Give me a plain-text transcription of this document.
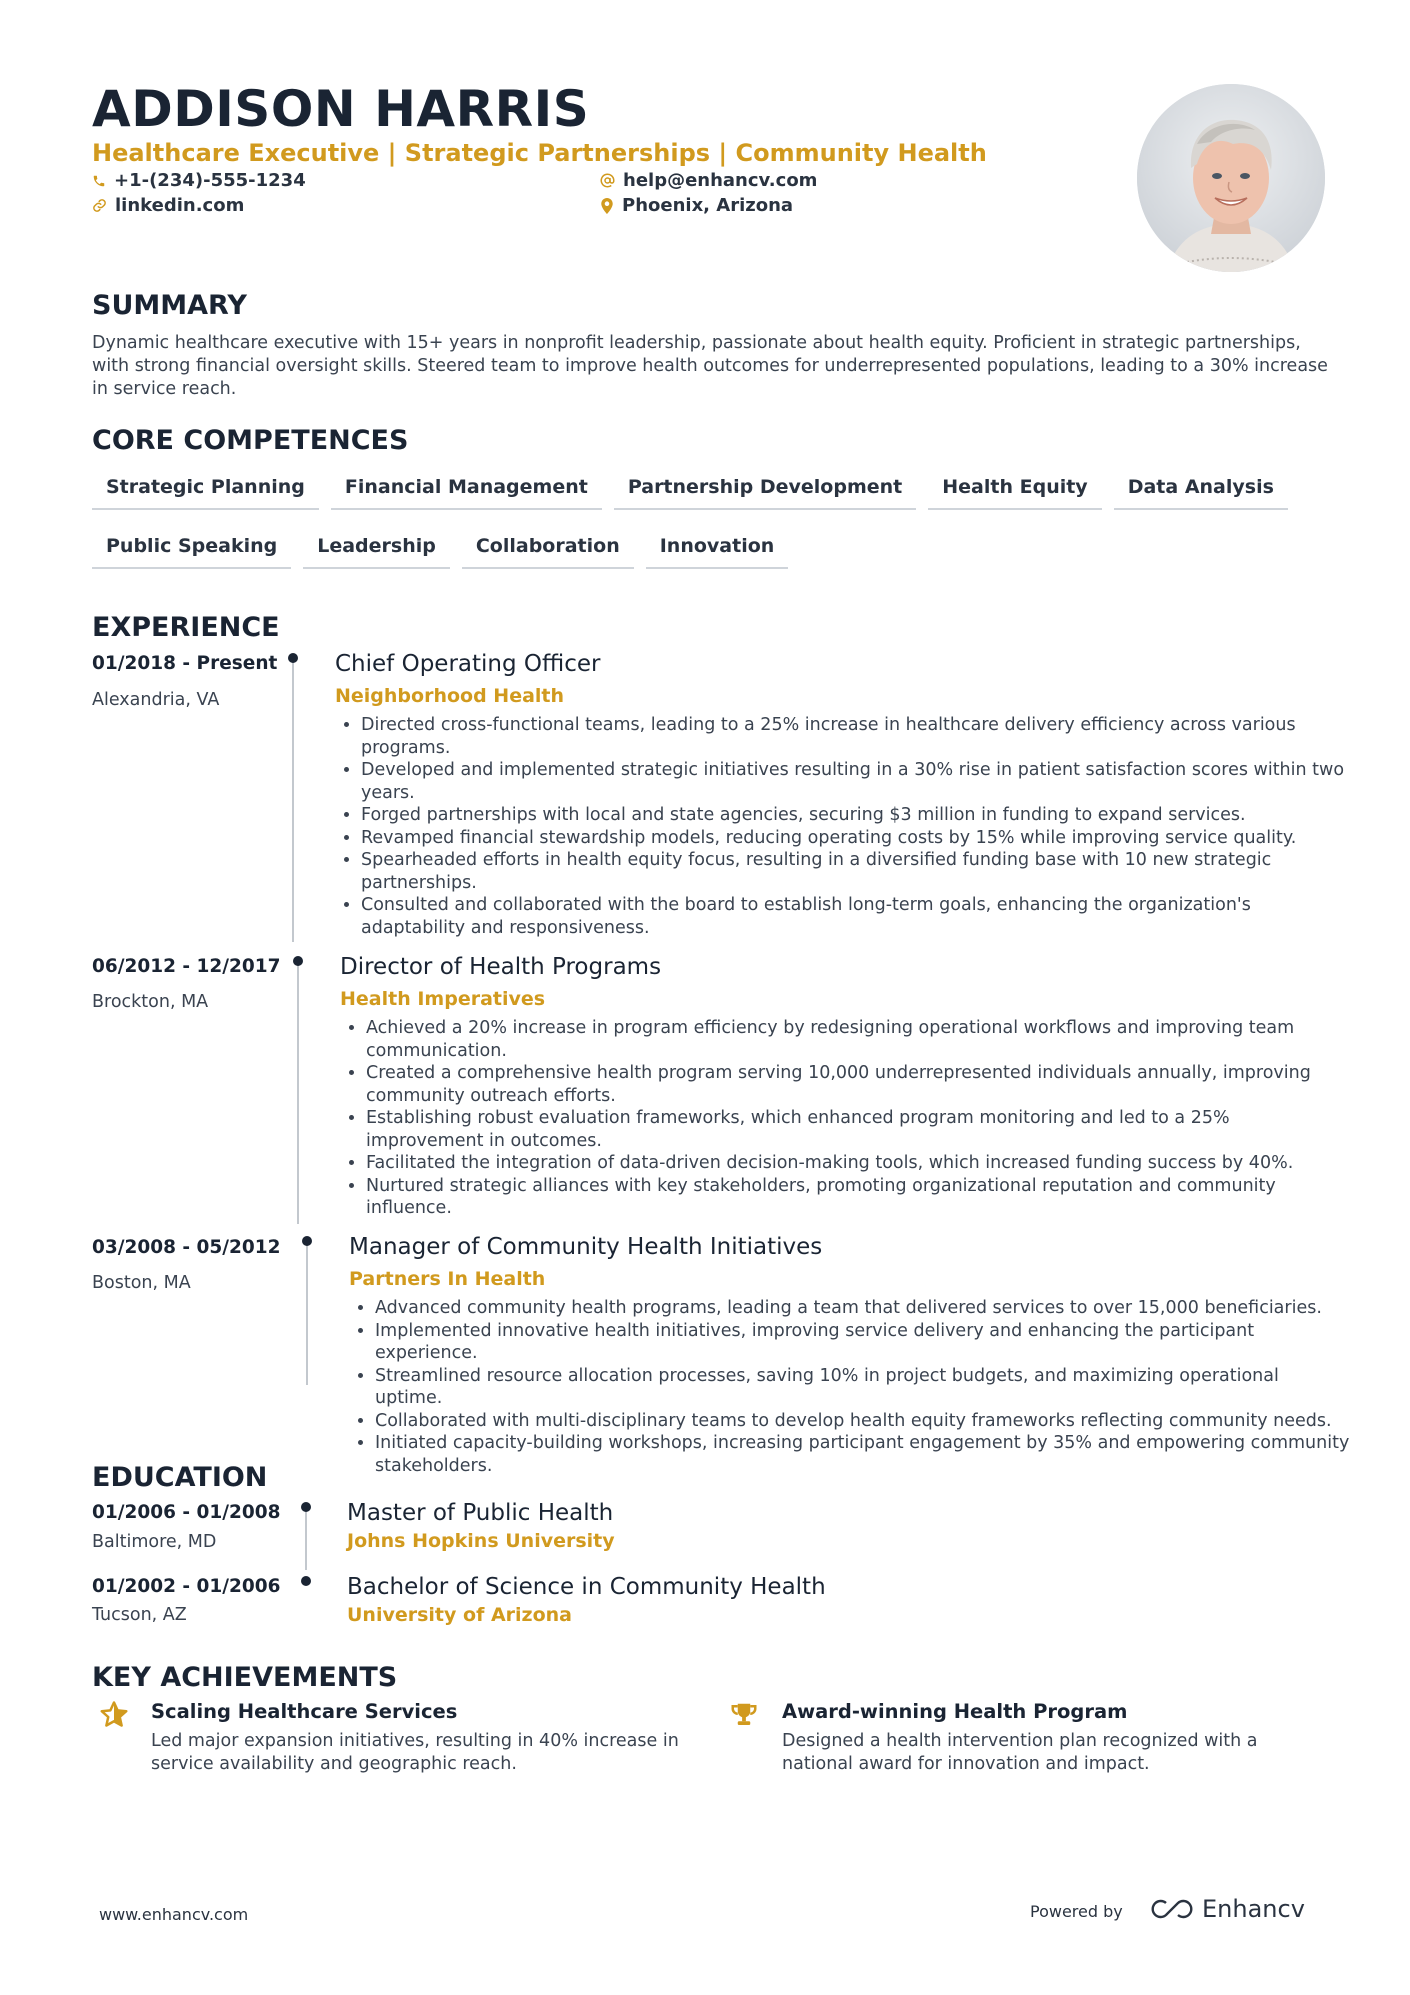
ADDISON HARRIS
Healthcare Executive | Strategic Partnerships | Community Health
+1-(234)-555-1234	help@enhancv.com
linkedin.com	Phoenix, Arizona
SUMMARY
Dynamic healthcare executive with 15+ years in nonprofit leadership, passionate about health equity. Proficient in strategic partnerships, with strong financial oversight skills. Steered team to improve health outcomes for underrepresented populations, leading to a 30% increase in service reach.
CORE COMPETENCES
Strategic Planning	Financial Management	Partnership Development	Health Equity	Data Analysis
Public Speaking	Leadership	Collaboration	Innovation
EXPERIENCE
01/2018 - Present
Alexandria, VA
Chief Operating Officer
Neighborhood Health
• Directed cross-functional teams, leading to a 25% increase in healthcare delivery efficiency across various programs.
• Developed and implemented strategic initiatives resulting in a 30% rise in patient satisfaction scores within two years.
• Forged partnerships with local and state agencies, securing $3 million in funding to expand services.
• Revamped financial stewardship models, reducing operating costs by 15% while improving service quality.
• Spearheaded efforts in health equity focus, resulting in a diversified funding base with 10 new strategic partnerships.
• Consulted and collaborated with the board to establish long-term goals, enhancing the organization's adaptability and responsiveness.
06/2012 - 12/2017
Brockton, MA
Director of Health Programs
Health Imperatives
• Achieved a 20% increase in program efficiency by redesigning operational workflows and improving team communication.
• Created a comprehensive health program serving 10,000 underrepresented individuals annually, improving community outreach efforts.
• Establishing robust evaluation frameworks, which enhanced program monitoring and led to a 25% improvement in outcomes.
• Facilitated the integration of data-driven decision-making tools, which increased funding success by 40%.
• Nurtured strategic alliances with key stakeholders, promoting organizational reputation and community influence.
03/2008 - 05/2012
Boston, MA
Manager of Community Health Initiatives
Partners In Health
• Advanced community health programs, leading a team that delivered services to over 15,000 beneficiaries.
• Implemented innovative health initiatives, improving service delivery and enhancing the participant experience.
• Streamlined resource allocation processes, saving 10% in project budgets, and maximizing operational uptime.
• Collaborated with multi-disciplinary teams to develop health equity frameworks reflecting community needs.
• Initiated capacity-building workshops, increasing participant engagement by 35% and empowering community stakeholders.
EDUCATION
01/2006 - 01/2008
Baltimore, MD
Master of Public Health
Johns Hopkins University
01/2002 - 01/2006
Tucson, AZ
Bachelor of Science in Community Health
University of Arizona
KEY ACHIEVEMENTS
Scaling Healthcare Services
Led major expansion initiatives, resulting in 40% increase in service availability and geographic reach.
Award-winning Health Program
Designed a health intervention plan recognized with a national award for innovation and impact.
www.enhancv.com	Powered by	Enhancv
